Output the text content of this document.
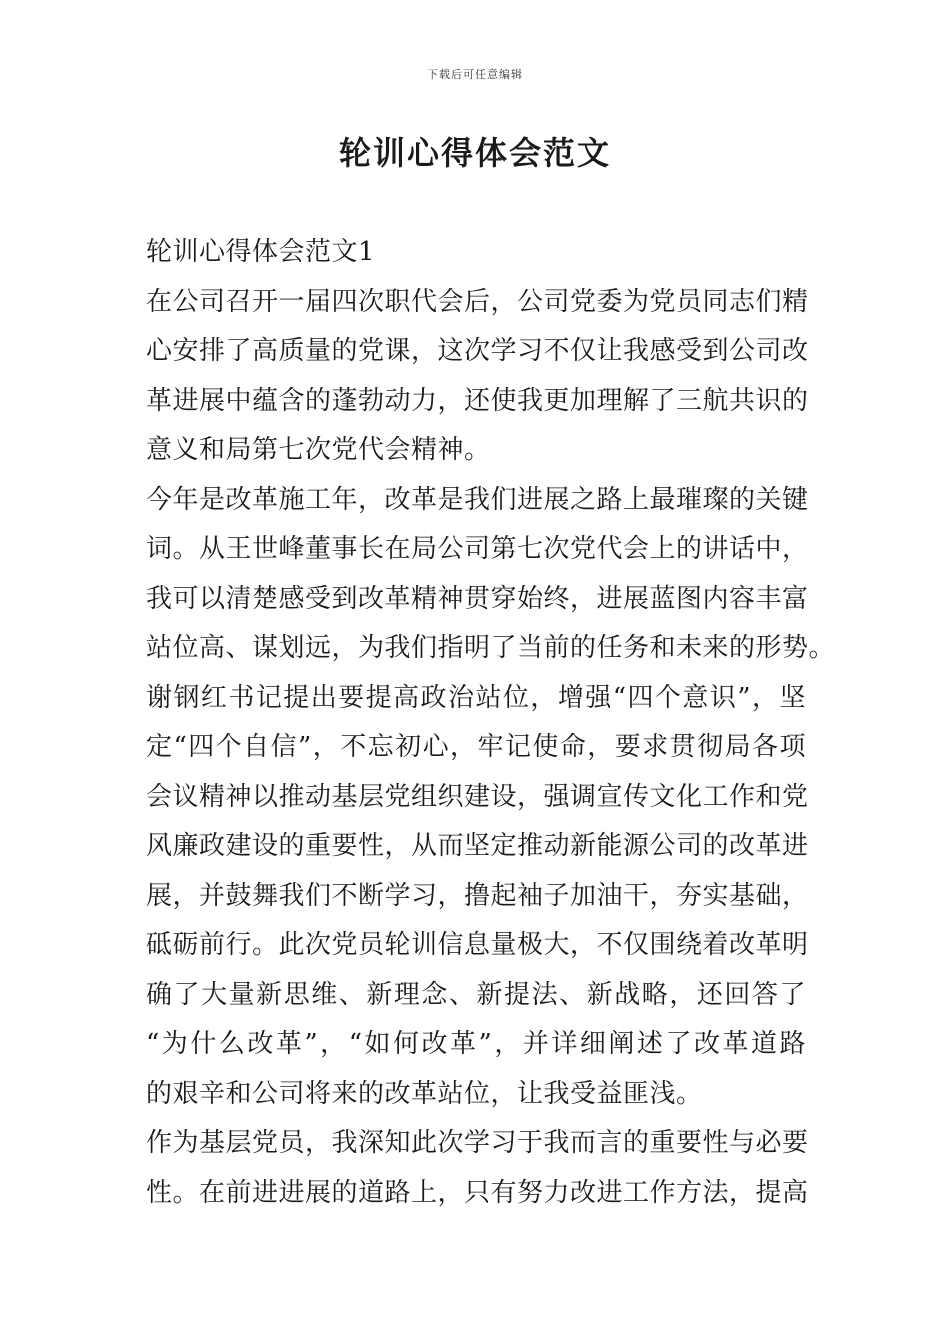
下载后可任意编辑
轮训心得体会范文
轮训心得体会范文1
在公司召开一届四次职代会后，公司党委为党员同志们精
心安排了高质量的党课，这次学习不仅让我感受到公司改
革进展中蕴含的蓬勃动力，还使我更加理解了三航共识的
意义和局第七次党代会精神。
今年是改革施工年，改革是我们进展之路上最璀璨的关键
词。从王世峰董事长在局公司第七次党代会上的讲话中，
我可以清楚感受到改革精神贯穿始终，进展蓝图内容丰富
站位高、谋划远，为我们指明了当前的任务和未来的形势。
谢钢红书记提出要提高政治站位，增强“四个意识”，坚
定“四个自信”，不忘初心，牢记使命，要求贯彻局各项
会议精神以推动基层党组织建设，强调宣传文化工作和党
风廉政建设的重要性，从而坚定推动新能源公司的改革进
展，并鼓舞我们不断学习，撸起袖子加油干，夯实基础，
砥砺前行。此次党员轮训信息量极大，不仅围绕着改革明
确了大量新思维、新理念、新提法、新战略，还回答了
“为什么改革”，“如何改革”，并详细阐述了改革道路
的艰辛和公司将来的改革站位，让我受益匪浅。
作为基层党员，我深知此次学习于我而言的重要性与必要
性。在前进进展的道路上，只有努力改进工作方法，提高
